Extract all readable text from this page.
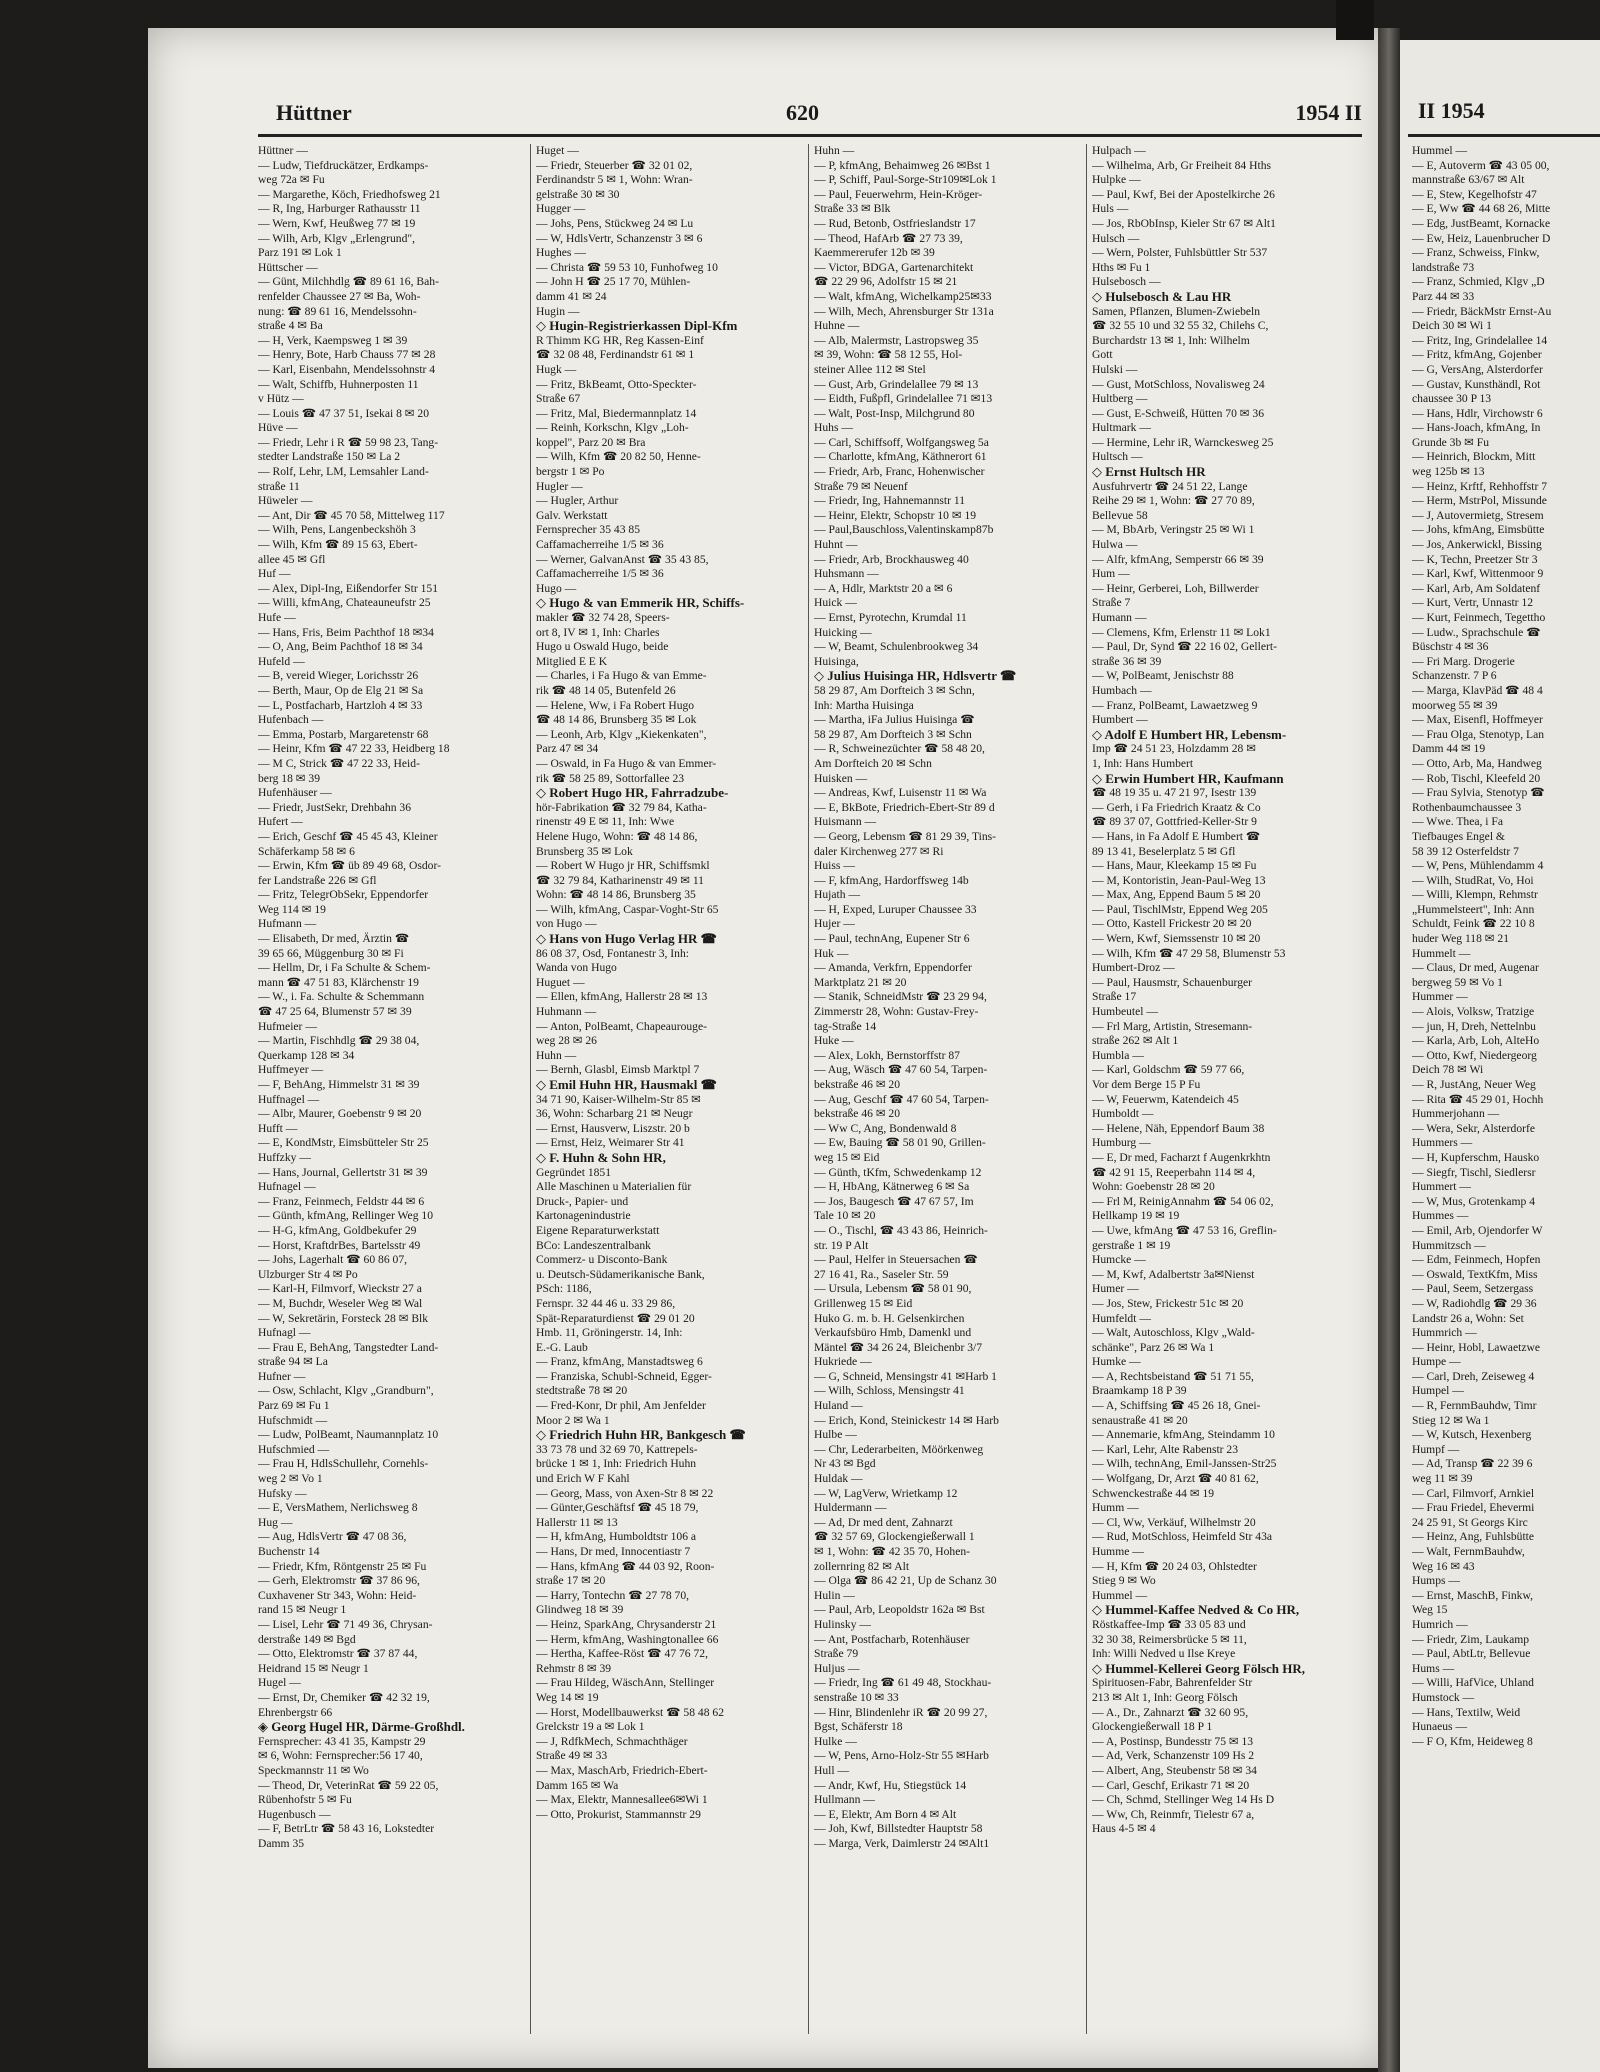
Hüttner	620	1954 II	II 1954
Hüttner —
— Ludw, Tiefdruckätzer, Erdkamps-
weg 72a ✉ Fu
— Margarethe, Köch, Friedhofsweg 21
— R, Ing, Harburger Rathausstr 11
— Wern, Kwf, Heußweg 77 ✉ 19
— Wilh, Arb, Klgv „Erlengrund",
Parz 191 ✉ Lok 1
Hüttscher —
— Günt, Milchhdlg ☎ 89 61 16, Bah-
renfelder Chaussee 27 ✉ Ba, Woh-
nung: ☎ 89 61 16, Mendelssohn-
straße 4 ✉ Ba
— H, Verk, Kaempsweg 1 ✉ 39
— Henry, Bote, Harb Chauss 77 ✉ 28
— Karl, Eisenbahn, Mendelssohnstr 4
— Walt, Schiffb, Huhnerposten 11
v Hütz —
— Louis ☎ 47 37 51, Isekai 8 ✉ 20
Hüve —
— Friedr, Lehr i R ☎ 59 98 23, Tang-
stedter Landstraße 150 ✉ La 2
— Rolf, Lehr, LM, Lemsahler Land-
straße 11
Hüweler —
— Ant, Dir ☎ 45 70 58, Mittelweg 117
— Wilh, Pens, Langenbeckshöh 3
— Wilh, Kfm ☎ 89 15 63, Ebert-
allee 45 ✉ Gfl
Huf —
— Alex, Dipl-Ing, Eißendorfer Str 151
— Willi, kfmAng, Chateauneufstr 25
Hufe —
— Hans, Fris, Beim Pachthof 18 ✉34
— O, Ang, Beim Pachthof 18 ✉ 34
Hufeld —
— B, vereid Wieger, Lorichsstr 26
— Berth, Maur, Op de Elg 21 ✉ Sa
— L, Postfacharb, Hartzloh 4 ✉ 33
Hufenbach —
— Emma, Postarb, Margaretenstr 68
— Heinr, Kfm ☎ 47 22 33, Heidberg 18
— M C, Strick ☎ 47 22 33, Heid-
berg 18 ✉ 39
Hufenhäuser —
— Friedr, JustSekr, Drehbahn 36
Hufert —
— Erich, Geschf ☎ 45 45 43, Kleiner
Schäferkamp 58 ✉ 6
— Erwin, Kfm ☎ üb 89 49 68, Osdor-
fer Landstraße 226 ✉ Gfl
— Fritz, TelegrObSekr, Eppendorfer
Weg 114 ✉ 19
Hufmann —
— Elisabeth, Dr med, Ärztin ☎
39 65 66, Müggenburg 30 ✉ Fi
— Hellm, Dr, i Fa Schulte & Schem-
mann ☎ 47 51 83, Klärchenstr 19
— W., i. Fa. Schulte & Schemmann
☎ 47 25 64, Blumenstr 57 ✉ 39
Hufmeier —
— Martin, Fischhdlg ☎ 29 38 04,
Querkamp 128 ✉ 34
Huffmeyer —
— F, BehAng, Himmelstr 31 ✉ 39
Huffnagel —
— Albr, Maurer, Goebenstr 9 ✉ 20
Hufft —
— E, KondMstr, Eimsbütteler Str 25
Huffzky —
— Hans, Journal, Gellertstr 31 ✉ 39
Hufnagel —
— Franz, Feinmech, Feldstr 44 ✉ 6
— Günth, kfmAng, Rellinger Weg 10
— H-G, kfmAng, Goldbekufer 29
— Horst, KraftdrBes, Bartelsstr 49
— Johs, Lagerhalt ☎ 60 86 07,
Ulzburger Str 4 ✉ Po
— Karl-H, Filmvorf, Wieckstr 27 a
— M, Buchdr, Weseler Weg ✉ Wal
— W, Sekretärin, Forsteck 28 ✉ Blk
Hufnagl —
— Frau E, BehAng, Tangstedter Land-
straße 94 ✉ La
Hufner —
— Osw, Schlacht, Klgv „Grandburn",
Parz 69 ✉ Fu 1
Hufschmidt —
— Ludw, PolBeamt, Naumannplatz 10
Hufschmied —
— Frau H, HdlsSchullehr, Cornehls-
weg 2 ✉ Vo 1
Hufsky —
— E, VersMathem, Nerlichsweg 8
Hug —
— Aug, HdlsVertr ☎ 47 08 36,
Buchenstr 14
— Friedr, Kfm, Röntgenstr 25 ✉ Fu
— Gerh, Elektromstr ☎ 37 86 96,
Cuxhavener Str 343, Wohn: Heid-
rand 15 ✉ Neugr 1
— Lisel, Lehr ☎ 71 49 36, Chrysan-
derstraße 149 ✉ Bgd
— Otto, Elektromstr ☎ 37 87 44,
Heidrand 15 ✉ Neugr 1
Hugel —
— Ernst, Dr, Chemiker ☎ 42 32 19,
Ehrenbergstr 66
◈ Georg Hugel HR, Därme-Großhdl.
Fernsprecher: 43 41 35, Kampstr 29
✉ 6, Wohn: Fernsprecher:56 17 40,
Speckmannstr 11 ✉ Wo
— Theod, Dr, VeterinRat ☎ 59 22 05,
Rübenhofstr 5 ✉ Fu
Hugenbusch —
— F, BetrLtr ☎ 58 43 16, Lokstedter
Damm 35
Huget —
— Friedr, Steuerber ☎ 32 01 02,
Ferdinandstr 5 ✉ 1, Wohn: Wran-
gelstraße 30 ✉ 30
Hugger —
— Johs, Pens, Stückweg 24 ✉ Lu
— W, HdlsVertr, Schanzenstr 3 ✉ 6
Hughes —
— Christa ☎ 59 53 10, Funhofweg 10
— John H ☎ 25 17 70, Mühlen-
damm 41 ✉ 24
Hugin —
◇ Hugin-Registrierkassen Dipl-Kfm
R Thimm KG HR, Reg Kassen-Einf
☎ 32 08 48, Ferdinandstr 61 ✉ 1
Hugk —
— Fritz, BkBeamt, Otto-Speckter-
Straße 67
— Fritz, Mal, Biedermannplatz 14
— Reinh, Korkschn, Klgv „Loh-
koppel", Parz 20 ✉ Bra
— Wilh, Kfm ☎ 20 82 50, Henne-
bergstr 1 ✉ Po
Hugler —
— Hugler, Arthur
Galv. Werkstatt
Fernsprecher 35 43 85
Caffamacherreihe 1/5 ✉ 36
— Werner, GalvanAnst ☎ 35 43 85,
Caffamacherreihe 1/5 ✉ 36
Hugo —
◇ Hugo & van Emmerik HR, Schiffs-
makler ☎ 32 74 28, Speers-
ort 8, IV ✉ 1, Inh: Charles
Hugo u Oswald Hugo, beide
Mitglied E E K
— Charles, i Fa Hugo & van Emme-
rik ☎ 48 14 05, Butenfeld 26
— Helene, Ww, i Fa Robert Hugo
☎ 48 14 86, Brunsberg 35 ✉ Lok
— Leonh, Arb, Klgv „Kiekenkaten",
Parz 47 ✉ 34
— Oswald, in Fa Hugo & van Emmer-
rik ☎ 58 25 89, Sottorfallee 23
◇ Robert Hugo HR, Fahrradzube-
hör-Fabrikation ☎ 32 79 84, Katha-
rinenstr 49 E ✉ 11, Inh: Wwe
Helene Hugo, Wohn: ☎ 48 14 86,
Brunsberg 35 ✉ Lok
— Robert W Hugo jr HR, Schiffsmkl
☎ 32 79 84, Katharinenstr 49 ✉ 11
Wohn: ☎ 48 14 86, Brunsberg 35
— Wilh, kfmAng, Caspar-Voght-Str 65
von Hugo —
◇ Hans von Hugo Verlag HR ☎
86 08 37, Osd, Fontanestr 3, Inh:
Wanda von Hugo
Huguet —
— Ellen, kfmAng, Hallerstr 28 ✉ 13
Huhmann —
— Anton, PolBeamt, Chapeaurouge-
weg 28 ✉ 26
Huhn —
— Bernh, Glasbl, Eimsb Marktpl 7
◇ Emil Huhn HR, Hausmakl ☎
34 71 90, Kaiser-Wilhelm-Str 85 ✉
36, Wohn: Scharbarg 21 ✉ Neugr
— Ernst, Hausverw, Liszstr. 20 b
— Ernst, Heiz, Weimarer Str 41
◇ F. Huhn & Sohn HR,
Gegründet 1851
Alle Maschinen u Materialien für
Druck-, Papier- und
Kartonagenindustrie
Eigene Reparaturwerkstatt
BCo: Landeszentralbank
Commerz- u Disconto-Bank
u. Deutsch-Südamerikanische Bank,
PSch: 1186,
Fernspr. 32 44 46 u. 33 29 86,
Spät-Reparaturdienst ☎ 29 01 20
Hmb. 11, Gröningerstr. 14, Inh:
E.-G. Laub
— Franz, kfmAng, Manstadtsweg 6
— Franziska, Schubl-Schneid, Egger-
stedtstraße 78 ✉ 20
— Fred-Konr, Dr phil, Am Jenfelder
Moor 2 ✉ Wa 1
◇ Friedrich Huhn HR, Bankgesch ☎
33 73 78 und 32 69 70, Kattrepels-
brücke 1 ✉ 1, Inh: Friedrich Huhn
und Erich W F Kahl
— Georg, Mass, von Axen-Str 8 ✉ 22
— Günter,Geschäftsf ☎ 45 18 79,
Hallerstr 11 ✉ 13
— H, kfmAng, Humboldtstr 106 a
— Hans, Dr med, Innocentiastr 7
— Hans, kfmAng ☎ 44 03 92, Roon-
straße 17 ✉ 20
— Harry, Tontechn ☎ 27 78 70,
Glindweg 18 ✉ 39
— Heinz, SparkAng, Chrysanderstr 21
— Herm, kfmAng, Washingtonallee 66
— Hertha, Kaffee-Röst ☎ 47 76 72,
Rehmstr 8 ✉ 39
— Frau Hildeg, WäschAnn, Stellinger
Weg 14 ✉ 19
— Horst, Modellbauwerkst ☎ 58 48 62
Grelckstr 19 a ✉ Lok 1
— J, RdfkMech, Schmachthäger
Straße 49 ✉ 33
— Max, MaschArb, Friedrich-Ebert-
Damm 165 ✉ Wa
— Max, Elektr, Mannesallee6✉Wi 1
— Otto, Prokurist, Stammannstr 29
Huhn —
— P, kfmAng, Behaimweg 26 ✉Bst 1
— P, Schiff, Paul-Sorge-Str109✉Lok 1
— Paul, Feuerwehrm, Hein-Kröger-
Straße 33 ✉ Blk
— Rud, Betonb, Ostfrieslandstr 17
— Theod, HafArb ☎ 27 73 39,
Kaemmererufer 12b ✉ 39
— Victor, BDGA, Gartenarchitekt
☎ 22 29 96, Adolfstr 15 ✉ 21
— Walt, kfmAng, Wichelkamp25✉33
— Wilh, Mech, Ahrensburger Str 131a
Huhne —
— Alb, Malermstr, Lastropsweg 35
✉ 39, Wohn: ☎ 58 12 55, Hol-
steiner Allee 112 ✉ Stel
— Gust, Arb, Grindelallee 79 ✉ 13
— Eidth, Fußpfl, Grindelallee 71 ✉13
— Walt, Post-Insp, Milchgrund 80
Huhs —
— Carl, Schiffsoff, Wolfgangsweg 5a
— Charlotte, kfmAng, Käthnerort 61
— Friedr, Arb, Franc, Hohenwischer
Straße 79 ✉ Neuenf
— Friedr, Ing, Hahnemannstr 11
— Heinr, Elektr, Schopstr 10 ✉ 19
— Paul,Bauschloss,Valentinskamp87b
Huhnt —
— Friedr, Arb, Brockhausweg 40
Huhsmann —
— A, Hdlr, Marktstr 20 a ✉ 6
Huick —
— Ernst, Pyrotechn, Krumdal 11
Huicking —
— W, Beamt, Schulenbrookweg 34
Huisinga,
◇ Julius Huisinga HR, Hdlsvertr ☎
58 29 87, Am Dorfteich 3 ✉ Schn,
Inh: Martha Huisinga
— Martha, iFa Julius Huisinga ☎
58 29 87, Am Dorfteich 3 ✉ Schn
— R, Schweinezüchter ☎ 58 48 20,
Am Dorfteich 20 ✉ Schn
Huisken —
— Andreas, Kwf, Luisenstr 11 ✉ Wa
— E, BkBote, Friedrich-Ebert-Str 89 d
Huismann —
— Georg, Lebensm ☎ 81 29 39, Tins-
daler Kirchenweg 277 ✉ Ri
Huiss —
— F, kfmAng, Hardorffsweg 14b
Hujath —
— H, Exped, Luruper Chaussee 33
Hujer —
— Paul, technAng, Eupener Str 6
Huk —
— Amanda, Verkfrn, Eppendorfer
Marktplatz 21 ✉ 20
— Stanik, SchneidMstr ☎ 23 29 94,
Zimmerstr 28, Wohn: Gustav-Frey-
tag-Straße 14
Huke —
— Alex, Lokh, Bernstorffstr 87
— Aug, Wäsch ☎ 47 60 54, Tarpen-
bekstraße 46 ✉ 20
— Aug, Geschf ☎ 47 60 54, Tarpen-
bekstraße 46 ✉ 20
— Ww C, Ang, Bondenwald 8
— Ew, Bauing ☎ 58 01 90, Grillen-
weg 15 ✉ Eid
— Günth, tKfm, Schwedenkamp 12
— H, HbAng, Kätnerweg 6 ✉ Sa
— Jos, Baugesch ☎ 47 67 57, Im
Tale 10 ✉ 20
— O., Tischl, ☎ 43 43 86, Heinrich-
str. 19 P Alt
— Paul, Helfer in Steuersachen ☎
27 16 41, Ra., Saseler Str. 59
— Ursula, Lebensm ☎ 58 01 90,
Grillenweg 15 ✉ Eid
Huko G. m. b. H. Gelsenkirchen
Verkaufsbüro Hmb, Damenkl und
Mäntel ☎ 34 26 24, Bleichenbr 3/7
Hukriede —
— G, Schneid, Mensingstr 41 ✉Harb 1
— Wilh, Schloss, Mensingstr 41
Huland —
— Erich, Kond, Steinickestr 14 ✉ Harb
Hulbe —
— Chr, Lederarbeiten, Möörkenweg
Nr 43 ✉ Bgd
Huldak —
— W, LagVerw, Wrietkamp 12
Huldermann —
— Ad, Dr med dent, Zahnarzt
☎ 32 57 69, Glockengießerwall 1
✉ 1, Wohn: ☎ 42 35 70, Hohen-
zollernring 82 ✉ Alt
— Olga ☎ 86 42 21, Up de Schanz 30
Hulin —
— Paul, Arb, Leopoldstr 162a ✉ Bst
Hulinsky —
— Ant, Postfacharb, Rotenhäuser
Straße 79
Huljus —
— Friedr, Ing ☎ 61 49 48, Stockhau-
senstraße 10 ✉ 33
— Hinr, Blindenlehr iR ☎ 20 99 27,
Bgst, Schäferstr 18
Hulke —
— W, Pens, Arno-Holz-Str 55 ✉Harb
Hull —
— Andr, Kwf, Hu, Stiegstück 14
Hullmann —
— E, Elektr, Am Born 4 ✉ Alt
— Joh, Kwf, Billstedter Hauptstr 58
— Marga, Verk, Daimlerstr 24 ✉Alt1
Hulpach —
— Wilhelma, Arb, Gr Freiheit 84 Hths
Hulpke —
— Paul, Kwf, Bei der Apostelkirche 26
Huls —
— Jos, RbObInsp, Kieler Str 67 ✉ Alt1
Hulsch —
— Wern, Polster, Fuhlsbüttler Str 537
Hths ✉ Fu 1
Hulsebosch —
◇ Hulsebosch & Lau HR
Samen, Pflanzen, Blumen-Zwiebeln
☎ 32 55 10 und 32 55 32, Chilehs C,
Burchardstr 13 ✉ 1, Inh: Wilhelm
Gott
Hulski —
— Gust, MotSchloss, Novalisweg 24
Hultberg —
— Gust, E-Schweiß, Hütten 70 ✉ 36
Hultmark —
— Hermine, Lehr iR, Warnckesweg 25
Hultsch —
◇ Ernst Hultsch HR
Ausfuhrvertr ☎ 24 51 22, Lange
Reihe 29 ✉ 1, Wohn: ☎ 27 70 89,
Bellevue 58
— M, BbArb, Veringstr 25 ✉ Wi 1
Hulwa —
— Alfr, kfmAng, Semperstr 66 ✉ 39
Hum —
— Heinr, Gerberei, Loh, Billwerder
Straße 7
Humann —
— Clemens, Kfm, Erlenstr 11 ✉ Lok1
— Paul, Dr, Synd ☎ 22 16 02, Gellert-
straße 36 ✉ 39
— W, PolBeamt, Jenischstr 88
Humbach —
— Franz, PolBeamt, Lawaetzweg 9
Humbert —
◇ Adolf E Humbert HR, Lebensm-
Imp ☎ 24 51 23, Holzdamm 28 ✉
1, Inh: Hans Humbert
◇ Erwin Humbert HR, Kaufmann
☎ 48 19 35 u. 47 21 97, Isestr 139
— Gerh, i Fa Friedrich Kraatz & Co
☎ 89 37 07, Gottfried-Keller-Str 9
— Hans, in Fa Adolf E Humbert ☎
89 13 41, Beselerplatz 5 ✉ Gfl
— Hans, Maur, Kleekamp 15 ✉ Fu
— M, Kontoristin, Jean-Paul-Weg 13
— Max, Ang, Eppend Baum 5 ✉ 20
— Paul, TischlMstr, Eppend Weg 205
— Otto, Kastell Frickestr 20 ✉ 20
— Wern, Kwf, Siemssenstr 10 ✉ 20
— Wilh, Kfm ☎ 47 29 58, Blumenstr 53
Humbert-Droz —
— Paul, Hausmstr, Schauenburger
Straße 17
Humbeutel —
— Frl Marg, Artistin, Stresemann-
straße 262 ✉ Alt 1
Humbla —
— Karl, Goldschm ☎ 59 77 66,
Vor dem Berge 15 P Fu
— W, Feuerwm, Katendeich 45
Humboldt —
— Helene, Näh, Eppendorf Baum 38
Humburg —
— E, Dr med, Facharzt f Augenkrkhtn
☎ 42 91 15, Reeperbahn 114 ✉ 4,
Wohn: Goebenstr 28 ✉ 20
— Frl M, ReinigAnnahm ☎ 54 06 02,
Hellkamp 19 ✉ 19
— Uwe, kfmAng ☎ 47 53 16, Greflin-
gerstraße 1 ✉ 19
Humcke —
— M, Kwf, Adalbertstr 3a✉Nienst
Humer —
— Jos, Stew, Frickestr 51c ✉ 20
Humfeldt —
— Walt, Autoschloss, Klgv „Wald-
schänke", Parz 26 ✉ Wa 1
Humke —
— A, Rechtsbeistand ☎ 51 71 55,
Braamkamp 18 P 39
— A, Schiffsing ☎ 45 26 18, Gnei-
senaustraße 41 ✉ 20
— Annemarie, kfmAng, Steindamm 10
— Karl, Lehr, Alte Rabenstr 23
— Wilh, technAng, Emil-Janssen-Str25
— Wolfgang, Dr, Arzt ☎ 40 81 62,
Schwenckestraße 44 ✉ 19
Humm —
— Cl, Ww, Verkäuf, Wilhelmstr 20
— Rud, MotSchloss, Heimfeld Str 43a
Humme —
— H, Kfm ☎ 20 24 03, Ohlstedter
Stieg 9 ✉ Wo
Hummel —
◇ Hummel-Kaffee Nedved & Co HR,
Röstkaffee-Imp ☎ 33 05 83 und
32 30 38, Reimersbrücke 5 ✉ 11,
Inh: Willi Nedved u Ilse Kreye
◇ Hummel-Kellerei Georg Fölsch HR,
Spirituosen-Fabr, Bahrenfelder Str
213 ✉ Alt 1, Inh: Georg Fölsch
— A., Dr., Zahnarzt ☎ 32 60 95,
Glockengießerwall 18 P 1
— A, Postinsp, Bundesstr 75 ✉ 13
— Ad, Verk, Schanzenstr 109 Hs 2
— Albert, Ang, Steubenstr 58 ✉ 34
— Carl, Geschf, Erikastr 71 ✉ 20
— Ch, Schmd, Stellinger Weg 14 Hs D
— Ww, Ch, Reinmfr, Tielestr 67 a,
Haus 4-5 ✉ 4
Hummel —
— E, Autoverm ☎ 43 05 00,
mannstraße 63/67 ✉ Alt
— E, Stew, Kegelhofstr 47
— E, Ww ☎ 44 68 26, Mitte
— Edg, JustBeamt, Kornacke
— Ew, Heiz, Lauenbrucher D
— Franz, Schweiss, Finkw,
landstraße 73
— Franz, Schmied, Klgv „D
Parz 44 ✉ 33
— Friedr, BäckMstr Ernst-Au
Deich 30 ✉ Wi 1
— Fritz, Ing, Grindelallee 14
— Fritz, kfmAng, Gojenber
— G, VersAng, Alsterdorfer
— Gustav, Kunsthändl, Rot
chaussee 30 P 13
— Hans, Hdlr, Virchowstr 6
— Hans-Joach, kfmAng, In
Grunde 3b ✉ Fu
— Heinrich, Blockm, Mitt
weg 125b ✉ 13
— Heinz, Krftf, Rehhoffstr 7
— Herm, MstrPol, Missunde
— J, Autovermietg, Stresem
— Johs, kfmAng, Eimsbütte
— Jos, Ankerwickl, Bissing
— K, Techn, Preetzer Str 3
— Karl, Kwf, Wittenmoor 9
— Karl, Arb, Am Soldatenf
— Kurt, Vertr, Unnastr 12
— Kurt, Feinmech, Tegettho
— Ludw., Sprachschule ☎
Büschstr 4 ✉ 36
— Fri Marg. Drogerie
Schanzenstr. 7 P 6
— Marga, KlavPäd ☎ 48 4
moorweg 55 ✉ 39
— Max, Eisenfl, Hoffmeyer
— Frau Olga, Stenotyp, Lan
Damm 44 ✉ 19
— Otto, Arb, Ma, Handweg
— Rob, Tischl, Kleefeld 20
— Frau Sylvia, Stenotyp ☎
Rothenbaumchaussee 3
— Wwe. Thea, i Fa
Tiefbauges Engel &
58 39 12 Osterfeldstr 7
— W, Pens, Mühlendamm 4
— Wilh, StudRat, Vo, Hoi
— Willi, Klempn, Rehmstr
„Hummelsteert", Inh: Ann
Schuldt, Feink ☎ 22 10 8
huder Weg 118 ✉ 21
Hummelt —
— Claus, Dr med, Augenar
bergweg 59 ✉ Vo 1
Hummer —
— Alois, Volksw, Tratzige
— jun, H, Dreh, Nettelnbu
— Karla, Arb, Loh, AlteHo
— Otto, Kwf, Niedergeorg
Deich 78 ✉ Wi
— R, JustAng, Neuer Weg
— Rita ☎ 45 29 01, Hochh
Hummerjohann —
— Wera, Sekr, Alsterdorfe
Hummers —
— H, Kupferschm, Hausko
— Siegfr, Tischl, Siedlersr
Hummert —
— W, Mus, Grotenkamp 4
Hummes —
— Emil, Arb, Ojendorfer W
Hummitzsch —
— Edm, Feinmech, Hopfen
— Oswald, TextKfm, Miss
— Paul, Seem, Setzergass
— W, Radiohdlg ☎ 29 36
Landstr 26 a, Wohn: Set
Hummrich —
— Heinr, Hobl, Lawaetzwe
Humpe —
— Carl, Dreh, Zeiseweg 4
Humpel —
— R, FernmBauhdw, Timr
Stieg 12 ✉ Wa 1
— W, Kutsch, Hexenberg
Humpf —
— Ad, Transp ☎ 22 39 6
weg 11 ✉ 39
— Carl, Filmvorf, Arnkiel
— Frau Friedel, Ehevermi
24 25 91, St Georgs Kirc
— Heinz, Ang, Fuhlsbütte
— Walt, FernmBauhdw,
Weg 16 ✉ 43
Humps —
— Ernst, MaschB, Finkw,
Weg 15
Humrich —
— Friedr, Zim, Laukamp
— Paul, AbtLtr, Bellevue
Hums —
— Willi, HafVice, Uhland
Humstock —
— Hans, Textilw, Weid
Hunaeus —
— F O, Kfm, Heideweg 8
